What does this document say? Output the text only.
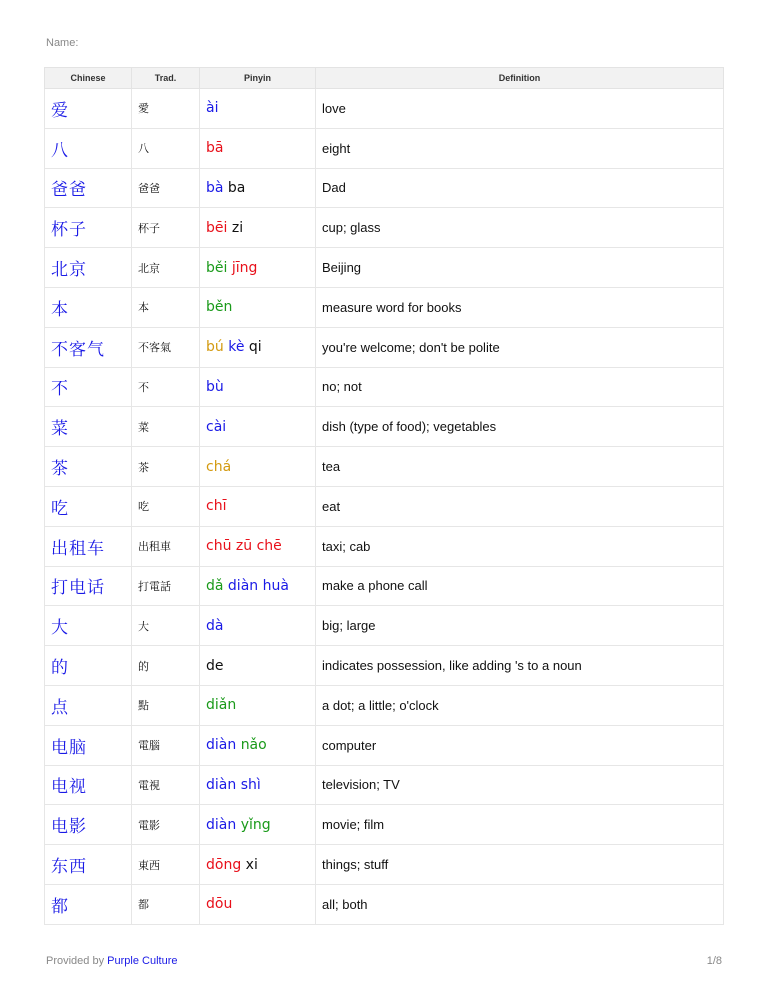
Name:
Chinese	Trad.	Pinyin	Definition
爱	愛	ài	love
八	八	bā	eight
爸爸	爸爸	bà ba	Dad
杯子	杯子	bēi zi	cup; glass
北京	北京	běi jīng	Beijing
本	本	běn	measure word for books
不客气	不客氣	bú kè qi	you're welcome; don't be polite
不	不	bù	no; not
菜	菜	cài	dish (type of food); vegetables
茶	茶	chá	tea
吃	吃	chī	eat
出租车	出租車	chū zū chē	taxi; cab
打电话	打電話	dǎ diàn huà	make a phone call
大	大	dà	big; large
的	的	de	indicates possession, like adding 's to a noun
点	點	diǎn	a dot; a little; o'clock
电脑	電腦	diàn nǎo	computer
电视	電視	diàn shì	television; TV
电影	電影	diàn yǐng	movie; film
东西	東西	dōng xi	things; stuff
都	都	dōu	all; both
Provided by Purple Culture	1/8
